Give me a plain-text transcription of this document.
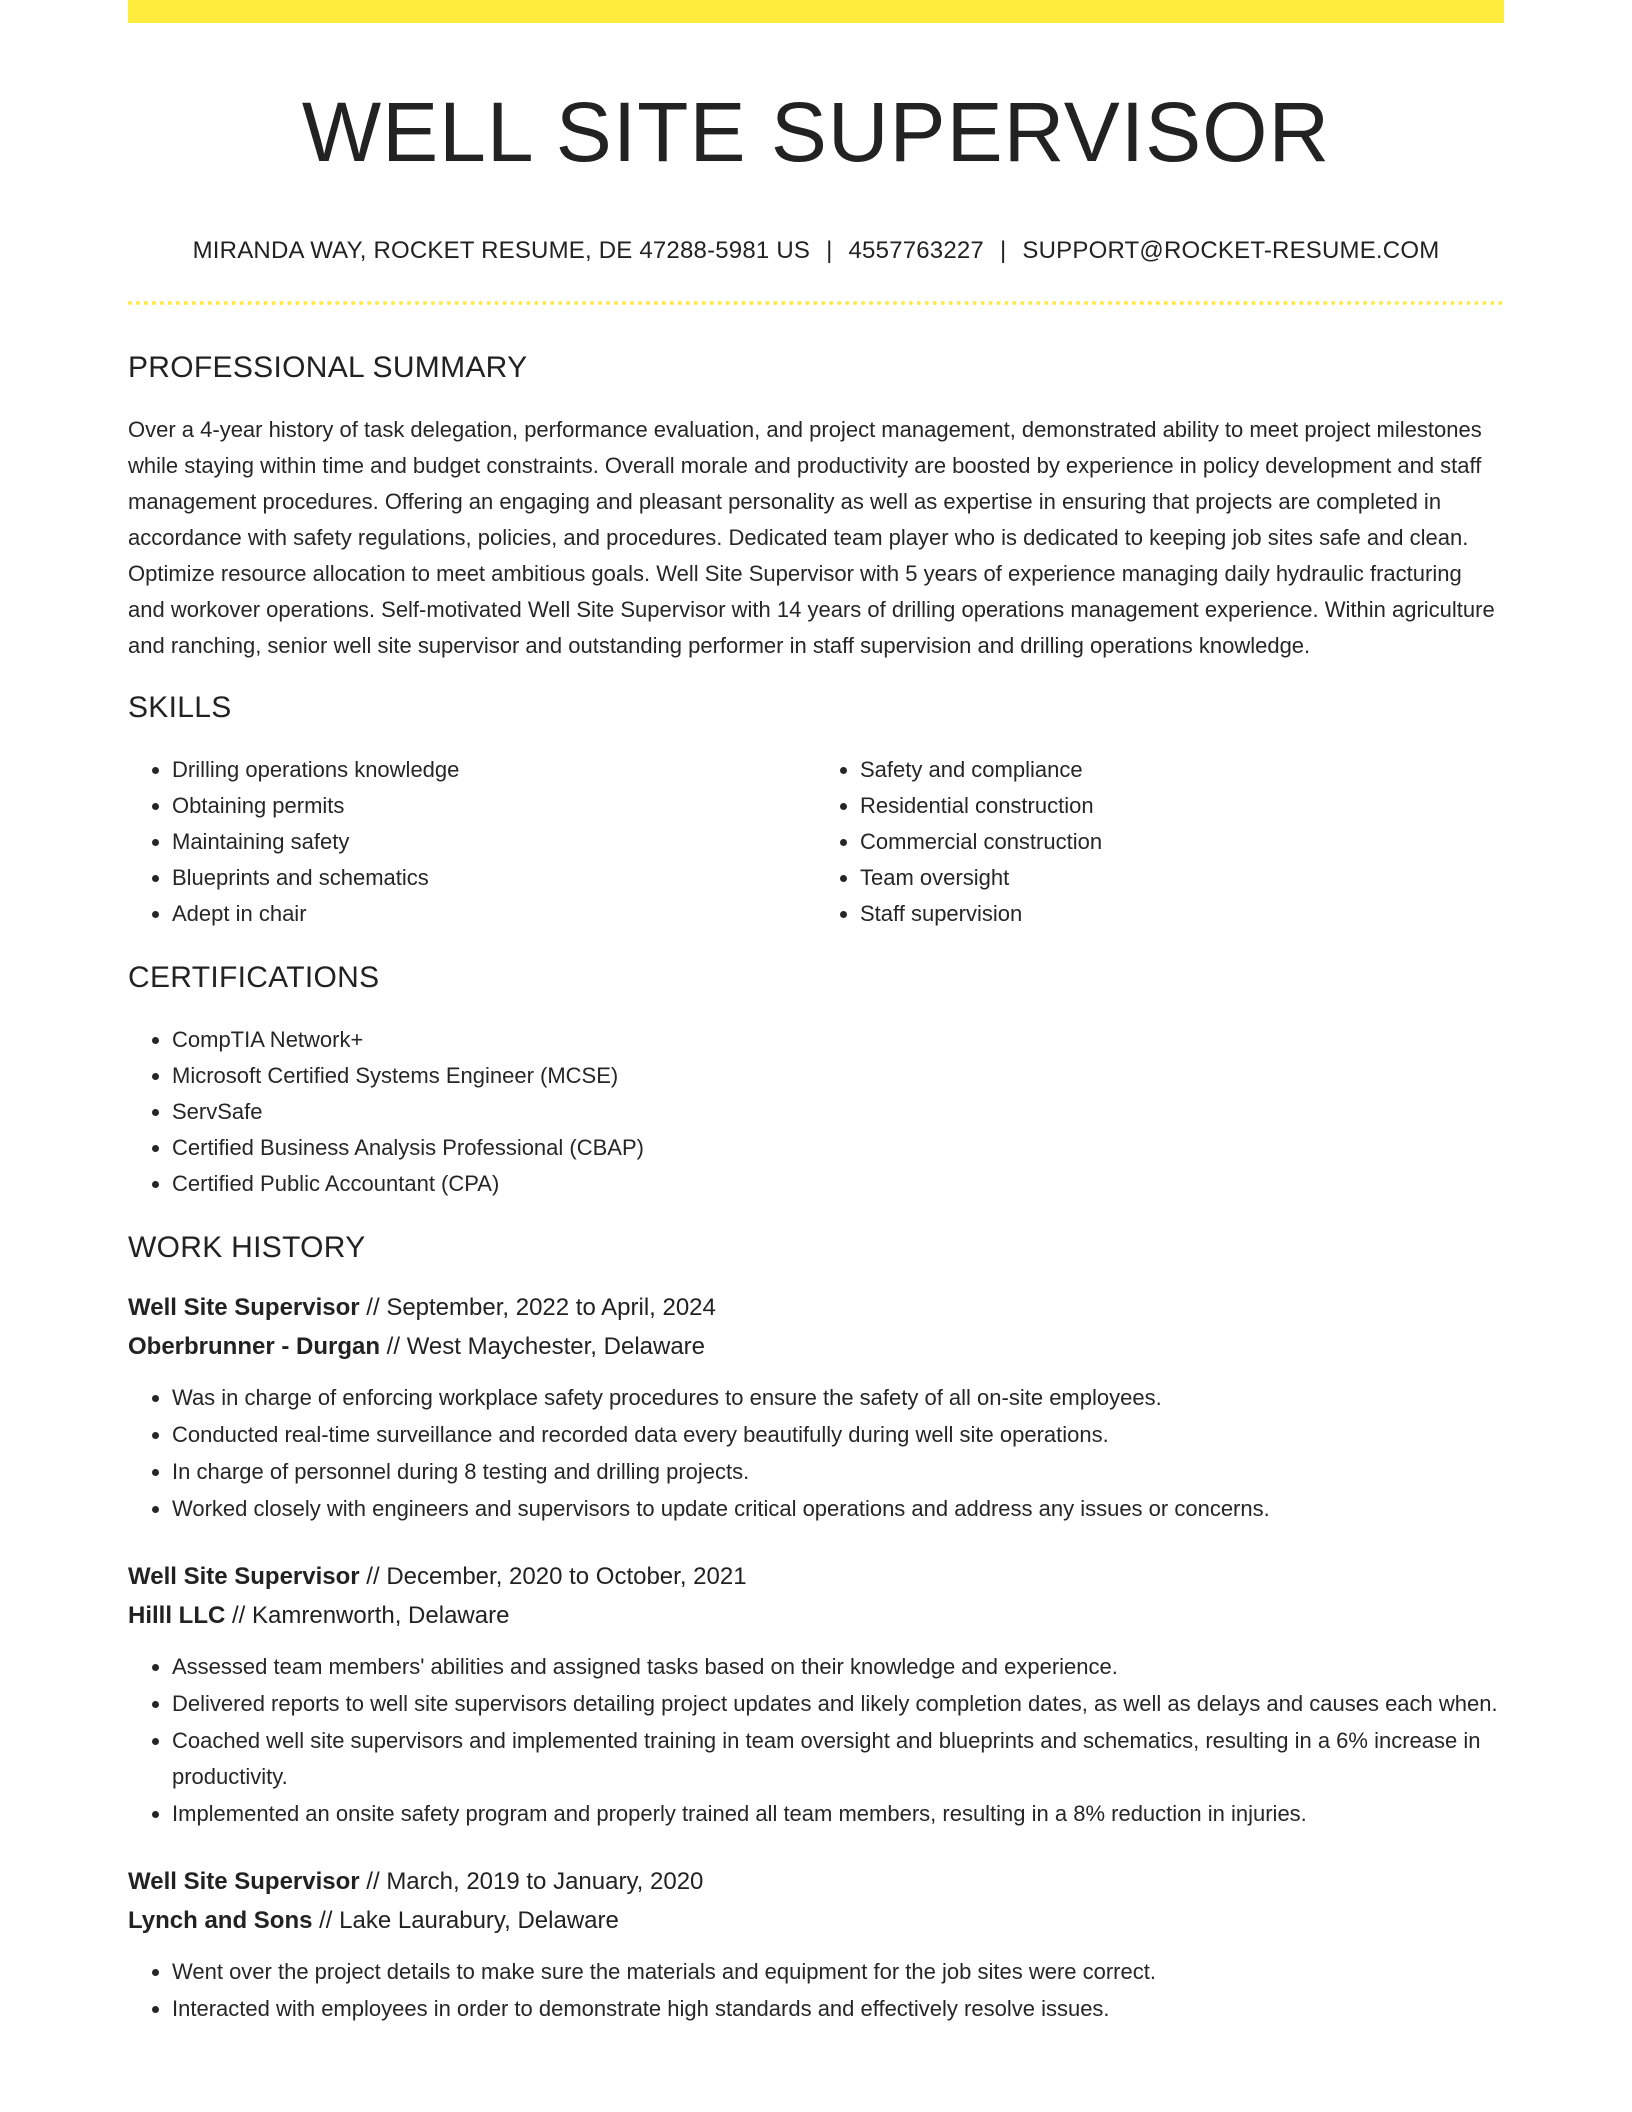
WELL SITE SUPERVISOR
MIRANDA WAY, ROCKET RESUME, DE 47288-5981 US | 4557763227 | SUPPORT@ROCKET-RESUME.COM
PROFESSIONAL SUMMARY

Over a 4-year history of task delegation, performance evaluation, and project management, demonstrated ability to meet project milestones while staying within time and budget constraints. Overall morale and productivity are boosted by experience in policy development and staff management procedures. Offering an engaging and pleasant personality as well as expertise in ensuring that projects are completed in accordance with safety regulations, policies, and procedures. Dedicated team player who is dedicated to keeping job sites safe and clean. Optimize resource allocation to meet ambitious goals. Well Site Supervisor with 5 years of experience managing daily hydraulic fracturing and workover operations. Self-motivated Well Site Supervisor with 14 years of drilling operations management experience. Within agriculture and ranching, senior well site supervisor and outstanding performer in staff supervision and drilling operations knowledge.

SKILLS
• Drilling operations knowledge
• Obtaining permits
• Maintaining safety
• Blueprints and schematics
• Adept in chair
• Safety and compliance
• Residential construction
• Commercial construction
• Team oversight
• Staff supervision
CERTIFICATIONS
• CompTIA Network+
• Microsoft Certified Systems Engineer (MCSE)
• ServSafe
• Certified Business Analysis Professional (CBAP)
• Certified Public Accountant (CPA)
WORK HISTORY
Well Site Supervisor // September, 2022 to April, 2024
Oberbrunner - Durgan // West Maychester, Delaware
• Was in charge of enforcing workplace safety procedures to ensure the safety of all on-site employees.
• Conducted real-time surveillance and recorded data every beautifully during well site operations.
• In charge of personnel during 8 testing and drilling projects.
• Worked closely with engineers and supervisors to update critical operations and address any issues or concerns.
Well Site Supervisor // December, 2020 to October, 2021
Hilll LLC // Kamrenworth, Delaware
• Assessed team members' abilities and assigned tasks based on their knowledge and experience.
• Delivered reports to well site supervisors detailing project updates and likely completion dates, as well as delays and causes each when.
• Coached well site supervisors and implemented training in team oversight and blueprints and schematics, resulting in a 6% increase in productivity.
• Implemented an onsite safety program and properly trained all team members, resulting in a 8% reduction in injuries.
Well Site Supervisor // March, 2019 to January, 2020
Lynch and Sons // Lake Laurabury, Delaware
• Went over the project details to make sure the materials and equipment for the job sites were correct.
• Interacted with employees in order to demonstrate high standards and effectively resolve issues.
